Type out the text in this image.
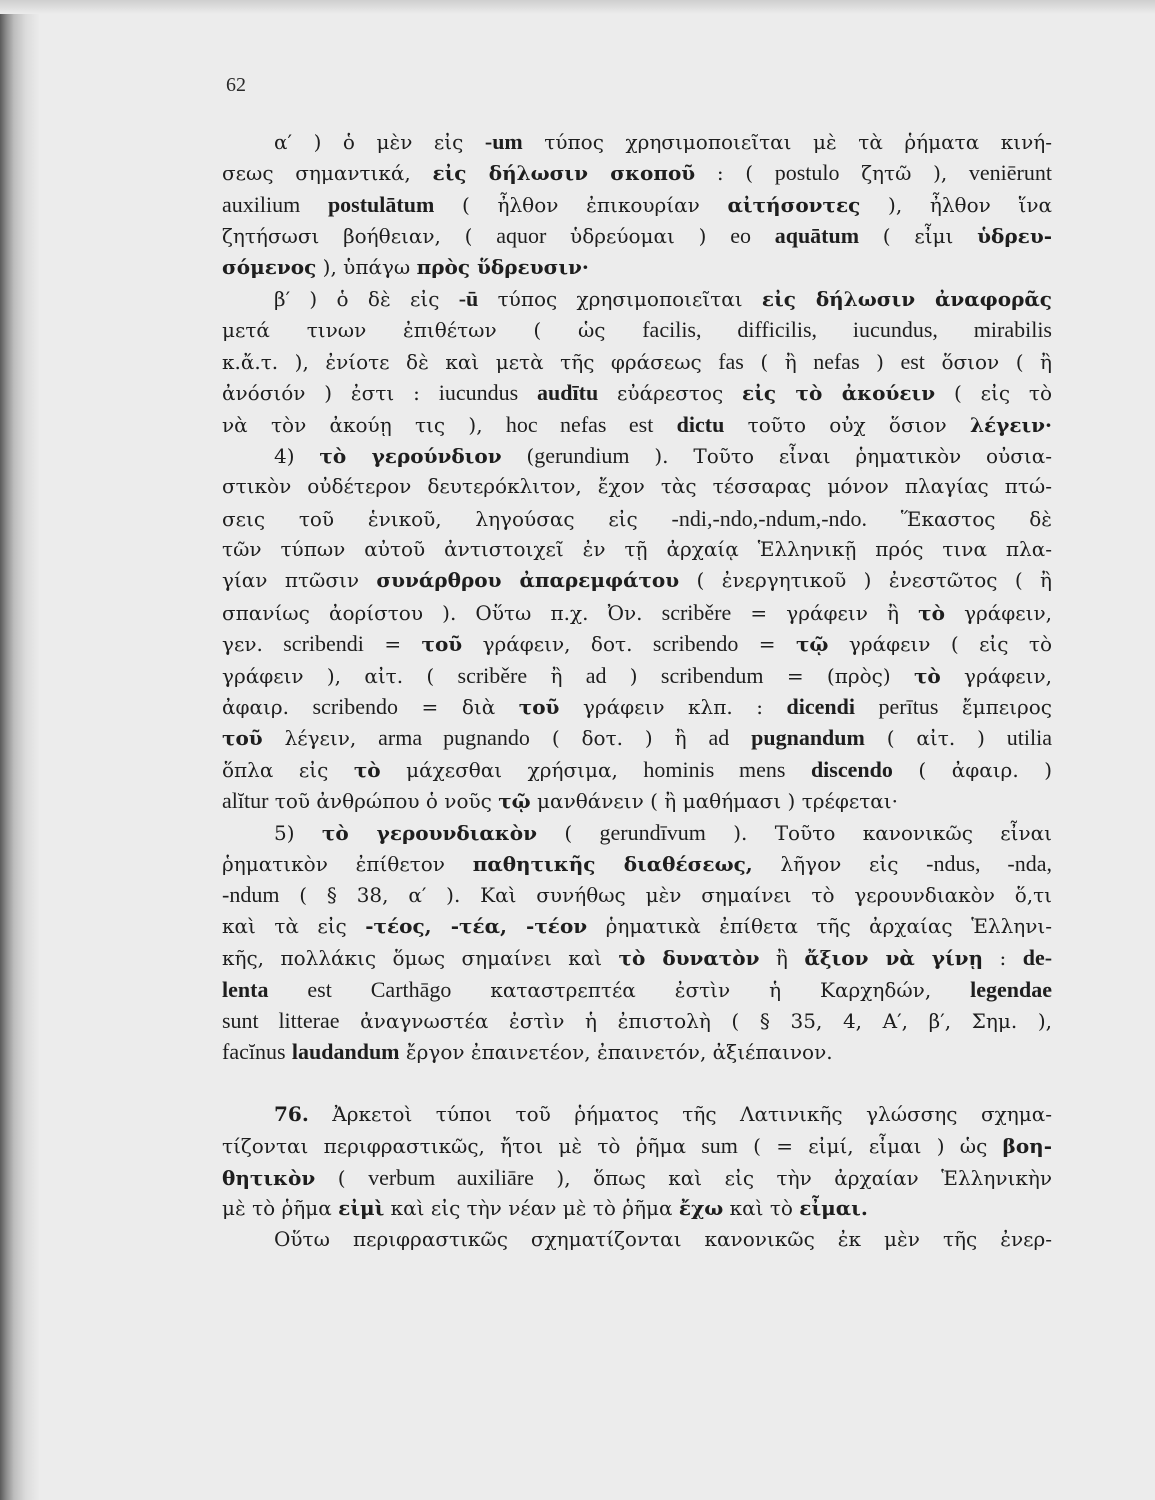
62
α′ ) ὁ μὲν εἰς -um τύπος χρησιμοποιεῖται μὲ τὰ ῥήματα κινή-
σεως σημαντικά, εἰς δήλωσιν σκοποῦ : ( postulo ζητῶ ), veniērunt
auxilium postulātum ( ἦλθον ἐπικουρίαν αἰτήσοντες ), ἦλθον ἵνα
ζητήσωσι βοήθειαν, ( aquor ὑδρεύομαι ) eo aquātum ( εἶμι ὑδρευ-
σόμενος ), ὑπάγω πρὸς ὕδρευσιν·
β′ ) ὁ δὲ εἰς -ū τύπος χρησιμοποιεῖται εἰς δήλωσιν ἀναφορᾶς
μετά τινων ἐπιθέτων ( ὡς facilis, difficilis, iucundus, mirabilis
κ.ἄ.τ. ), ἐνίοτε δὲ καὶ μετὰ τῆς φράσεως fas ( ἢ nefas ) est ὅσιον ( ἢ
ἀνόσιόν ) ἐστι : iucundus audītu εὐάρεστος εἰς τὸ ἀκούειν ( εἰς τὸ
νὰ τὸν ἀκούῃ τις ), hoc nefas est dictu τοῦτο οὐχ ὅσιον λέγειν·
4) τὸ γερούνδιον (gerundium ). Τοῦτο εἶναι ῥηματικὸν οὐσια-
στικὸν οὐδέτερον δευτερόκλιτον, ἔχον τὰς τέσσαρας μόνον πλαγίας πτώ-
σεις τοῦ ἑνικοῦ, ληγούσας εἰς -ndi,-ndo,-ndum,-ndo. Ἕκαστος δὲ
τῶν τύπων αὐτοῦ ἀντιστοιχεῖ ἐν τῇ ἀρχαίᾳ Ἑλληνικῇ πρός τινα πλα-
γίαν πτῶσιν συνάρθρου ἀπαρεμφάτου ( ἐνεργητικοῦ ) ἐνεστῶτος ( ἢ
σπανίως ἀορίστου ). Οὕτω π.χ. Ὀν. scriběre = γράφειν ἢ τὸ γράφειν,
γεν. scribendi = τοῦ γράφειν, δοτ. scribendo = τῷ γράφειν ( εἰς τὸ
γράφειν ), αἰτ. ( scriběre ἢ ad ) scribendum = (πρὸς) τὸ γράφειν,
ἀφαιρ. scribendo = διὰ τοῦ γράφειν κλπ. : dicendi perītus ἔμπειρος
τοῦ λέγειν, arma pugnando ( δοτ. ) ἢ ad pugnandum ( αἰτ. ) utilia
ὅπλα εἰς τὸ μάχεσθαι χρήσιμα, hominis mens discendo ( ἀφαιρ. )
alĭtur τοῦ ἀνθρώπου ὁ νοῦς τῷ μανθάνειν ( ἢ μαθήμασι ) τρέφεται·
5) τὸ γερουνδιακὸν ( gerundīvum ). Τοῦτο κανονικῶς εἶναι
ῥηματικὸν ἐπίθετον παθητικῆς διαθέσεως, λῆγον εἰς -ndus, -nda,
-ndum ( § 38, α′ ). Καὶ συνήθως μὲν σημαίνει τὸ γερουνδιακὸν ὅ,τι
καὶ τὰ εἰς -τέος, -τέα, -τέον ῥηματικὰ ἐπίθετα τῆς ἀρχαίας Ἑλληνι-
κῆς, πολλάκις ὅμως σημαίνει καὶ τὸ δυνατὸν ἢ ἄξιον νὰ γίνῃ : de-
lenta est Carthāgo καταστρεπτέα ἐστὶν ἡ Καρχηδών, legendae
sunt litterae ἀναγνωστέα ἐστὶν ἡ ἐπιστολὴ ( § 35, 4, Α′, β′, Σημ. ),
facĭnus laudandum ἔργον ἐπαινετέον, ἐπαινετόν, ἀξιέπαινον.
76. Ἀρκετοὶ τύποι τοῦ ῥήματος τῆς Λατινικῆς γλώσσης σχημα-
τίζονται περιφραστικῶς, ἤτοι μὲ τὸ ῥῆμα sum ( = εἰμί, εἶμαι ) ὡς βοη-
θητικὸν ( verbum auxiliāre ), ὅπως καὶ εἰς τὴν ἀρχαίαν Ἑλληνικὴν
μὲ τὸ ῥῆμα εἰμὶ καὶ εἰς τὴν νέαν μὲ τὸ ῥῆμα ἔχω καὶ τὸ εἶμαι.
Οὕτω περιφραστικῶς σχηματίζονται κανονικῶς ἐκ μὲν τῆς ἐνερ-
